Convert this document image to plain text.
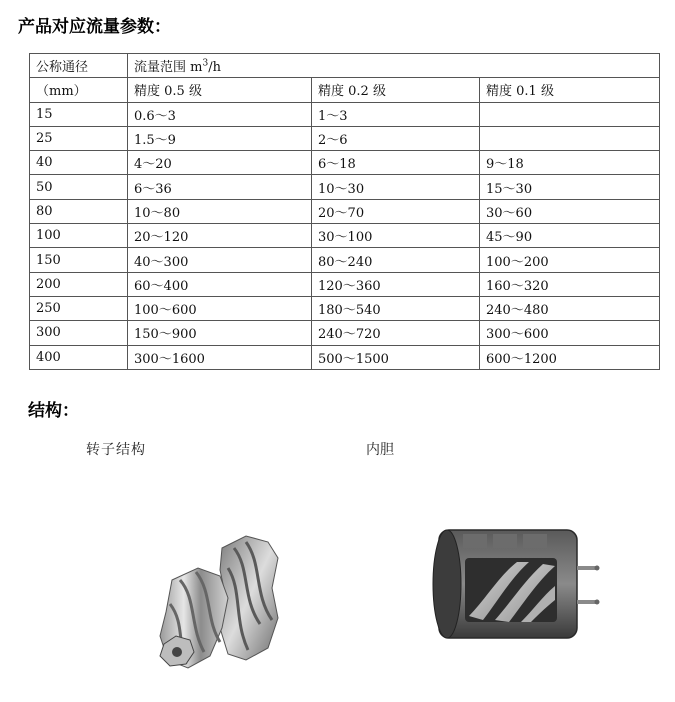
产品对应流量参数：
公称通径	流量范围 $m^3/h$		
（mm）	精度 0.5 级	精度 0.2 级	精度 0.1 级
15	0.6～3	1～3	
25	1.5～9	2～6	
40	4～20	6～18	9～18
50	6～36	10～30	15～30
80	10～80	20～70	30～60
100	20～120	30～100	45～90
150	40～300	80～240	100～200
200	60～400	120～360	160～320
250	100～600	180～540	240～480
300	150～900	240～720	300～600
400	300～1600	500～1500	600～1200
结构：
转子结构	内胆
